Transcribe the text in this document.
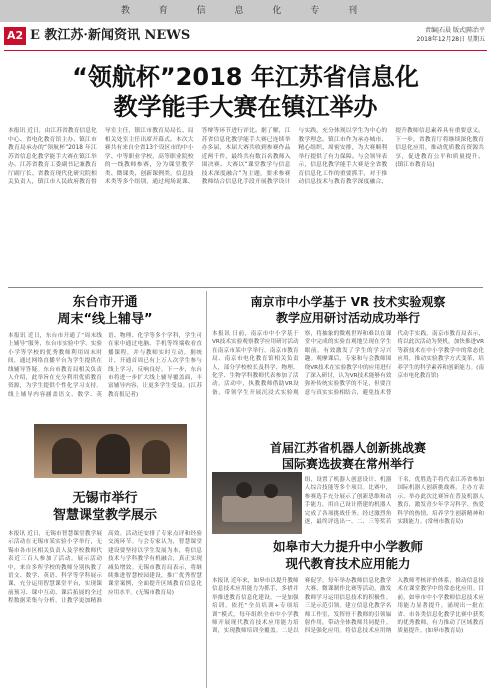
教 育 信 息 化 专 刊
A2 E 教江苏·新闻资讯 NEWS	责编|石晨 版式|陈治平
2018年12月28日 星期五
“领航杯”2018 年江苏省信息化
教学能手大赛在镇江举办
本报讯 近日，由江苏省教育信息化中心、省电化教育馆主办、镇江市教育局承办的“领航杯”2018 年江苏省信息化教学能手大赛在镇江举办。江苏省教育工委副书记兼教育厅副厅长、省教育现代化研究院相关负责人，镇江市人民政府教育督导室主任，镇江市教育局局长、局相关处室主任出席开幕式。本次大赛共有来自全省13个设区市的中小学、中等职业学校、高等职业院校的一线教师参赛，分为课堂教学类、微课类、创新课例类、信息技术类等多个组别，通过现场说课、答辩等环节进行评比。据了解，江苏省信息化教学能手大赛已连续举办多届，本届大赛共收到参赛作品近两千件，最终共有数百名教师入围决赛。大赛以“课堂教学与信息技术深度融合”为主题，要求参赛教师结合信息化手段开展教学设计与实践，充分体现以学生为中心的教学理念。镇江市作为承办城市，精心组织、周密安排，为大赛顺利举行提供了有力保障。与会领导表示，信息化教学能手大赛是全省教育信息化工作的重要抓手，对于推动信息技术与教育教学深度融合、提升教师信息素养具有重要意义。下一步，省教育厅将继续深化教育信息化应用，推动优质教育资源共享，促进教育公平和质量提升。(镇江市教育局)
东台市开通
周末“线上辅导”
本报讯 近日，东台市开通了“周末线上辅导”服务，东台市实验中学、实验小学等学校的优秀教师利用周末时间，通过网络直播平台为学生提供在线辅导答疑。东台市教育局相关负责人介绍，此举旨在充分利用优质教育资源，为学生提供个性化学习支持。线上辅导内容涵盖语文、数学、英语、物理、化学等多个学科，学生可在家中通过电脑、手机等终端收看直播课程，并与教师实时互动。据统计，开通首周已有上万人次学生参与线上学习，反响良好。下一步，东台市将进一步扩大线上辅导覆盖面，丰富辅导内容，让更多学生受益。(江苏教育报记者)
无锡市举行
智慧课堂教学展示
本报讯 近日，无锡市智慧课堂教学展示活动在无锡市某实验小学举行，无锡市各市区相关负责人及学校教师代表近三百人参加了活动。展示活动中，来自多所学校的教师分别执教了语文、数学、英语、科学等学科展示课，充分运用智慧课堂平台，实现课前预习、课中互动、课后拓展的全过程数据采集与分析，让教学更加精准高效。活动还安排了专家点评和经验交流环节。与会专家认为，智慧课堂建设要坚持以学生发展为本，将信息技术与学科教学有机融合，真正实现减负增效。无锡市教育局表示，将继续推进智慧校园建设，推广优秀智慧课堂案例，全面提升区域教育信息化应用水平。(无锡市教育局)
南京市中小学基于 VR 技术实验观察
教学应用研讨活动成功举行
本报讯 日前，南京市中小学基于VR技术实验观察教学应用研讨活动在南京市某中学举行。南京市教育局、南京市电化教育馆相关负责人，部分学校校长及科学、物理、化学、生物学科教师代表参加了活动。活动中，执教教师借助VR设备，带领学生开展沉浸式实验观察，将抽象的微观世界和难以在课堂中完成的实验直观地呈现在学生眼前，有效激发了学生的学习兴趣。观摩课后，专家和与会教师围绕VR技术在实验教学中的应用进行了深入研讨，认为VR技术能够有效弥补传统实验教学的不足，但要注意与真实实验相结合，避免技术替代动手实践。南京市教育局表示，将以此次活动为契机，加快推进VR等新技术在中小学教学中的常态化应用，推动实验教学方式变革，培养学生的科学素养和创新能力。(南京市电化教育馆)
首届江苏省机器人创新挑战赛
国际赛选拔赛在常州举行
组，设置了机器人创意设计、机器人综合技能等多个项目。比赛中，参赛选手充分展示了创新思维和动手能力，用自己设计搭建的机器人完成了各项挑战任务。经过激烈角逐，最终评选出一、二、三等奖若干名，优胜选手将代表江苏省参加国际机器人创新挑战赛。主办方表示，举办此次比赛旨在普及机器人教育，激发青少年学习科学、热爱科学的热情，培养学生创新精神和实践能力。(常州市教育局)
如皋市大力提升中小学教师
现代教育技术应用能力
本报讯 近年来，如皋市以提升教师信息技术应用能力为抓手，多措并举推进教育信息化建设。一是加强培训。依托“全员培训+专项培训”模式，每年组织全市中小学教师开展现代教育技术应用能力培训，实现教师培训全覆盖。二是以赛促学。每年举办教师信息化教学大赛、微课制作比赛等活动，激发教师学习运用信息技术的积极性。三是示范引领。建立信息化教学名师工作室，发挥骨干教师的引领辐射作用，带动全体教师共同提升。四是强化应用。将信息技术应用纳入教师考核评价体系，推动信息技术在课堂教学中的常态化应用。目前，如皋市中小学教师信息技术应用能力显著提升，涌现出一批在省、市各类信息化教学比赛中获奖的优秀教师，有力推动了区域教育质量提升。(如皋市教育局)
